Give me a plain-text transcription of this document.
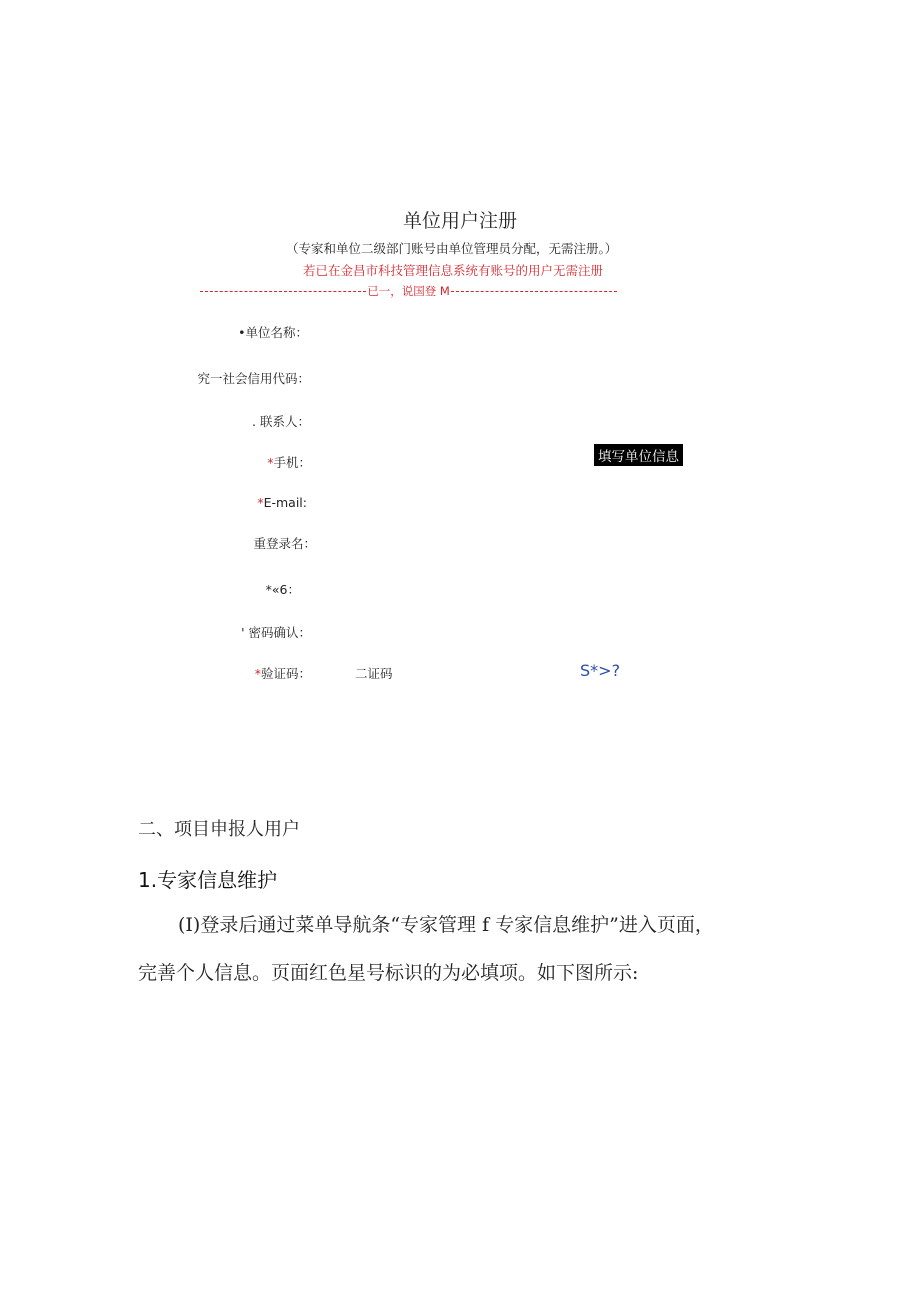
单位用户注册
（专家和单位二级部门账号由单位管理员分配，无需注册。）
若已在金昌市科技管理信息系统有账号的用户无需注册
已一，说国登 M
•单位名称：
究一社会信用代码：
. 联系人：
*手机：
*E-mail:
重登录名：
*«6：
' 密码确认：
*验证码：
填写单位信息
二证码	S*>?
二、项目申报人用户
1.专家信息维护
(I)登录后通过菜单导航条“专家管理 f 专家信息维护”进入页面，
完善个人信息。页面红色星号标识的为必填项。如下图所示:
